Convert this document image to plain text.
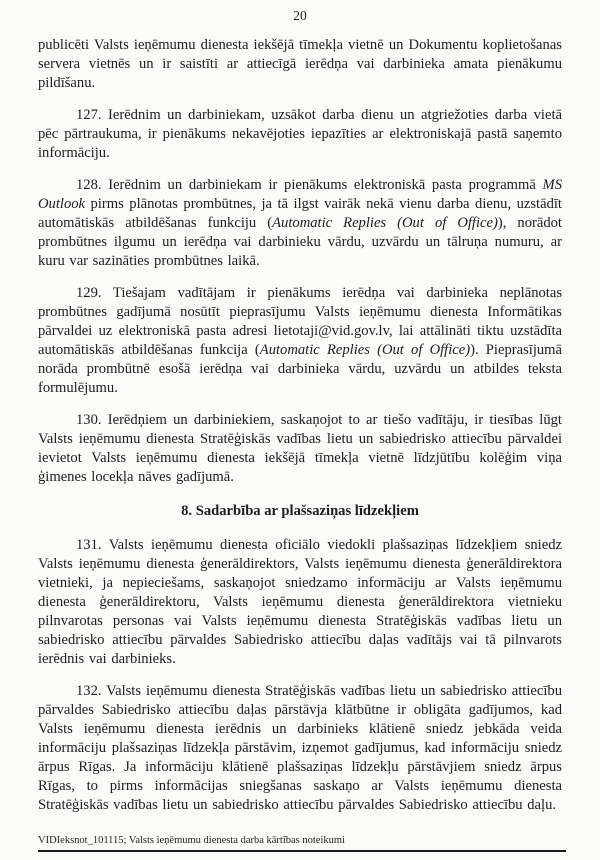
20

publicēti Valsts ieņēmumu dienesta iekšējā tīmekļa vietnē un Dokumentu koplietošanas servera vietnēs un ir saistīti ar attiecīgā ierēdņa vai darbinieka amata pienākumu pildīšanu.

127. Ierēdnim un darbiniekam, uzsākot darba dienu un atgriežoties darba vietā pēc pārtraukuma, ir pienākums nekavējoties iepazīties ar elektroniskajā pastā saņemto informāciju.

128. Ierēdnim un darbiniekam ir pienākums elektroniskā pasta programmā MS Outlook pirms plānotas prombūtnes, ja tā ilgst vairāk nekā vienu darba dienu, uzstādīt automātiskās atbildēšanas funkciju (Automatic Replies (Out of Office)), norādot prombūtnes ilgumu un ierēdņa vai darbinieku vārdu, uzvārdu un tālruņa numuru, ar kuru var sazināties prombūtnes laikā.

129. Tiešajam vadītājam ir pienākums ierēdņa vai darbinieka neplānotas prombūtnes gadījumā nosūtīt pieprasījumu Valsts ieņēmumu dienesta Informātikas pārvaldei uz elektroniskā pasta adresi lietotaji@vid.gov.lv, lai attālināti tiktu uzstādīta automātiskās atbildēšanas funkcija (Automatic Replies (Out of Office)). Pieprasījumā norāda prombūtnē esošā ierēdņa vai darbinieka vārdu, uzvārdu un atbildes teksta formulējumu.

130. Ierēdņiem un darbiniekiem, saskaņojot to ar tiešo vadītāju, ir tiesības lūgt Valsts ieņēmumu dienesta Stratēģiskās vadības lietu un sabiedrisko attiecību pārvaldei ievietot Valsts ieņēmumu dienesta iekšējā tīmekļa vietnē līdzjūtību kolēģim viņa ģimenes locekļa nāves gadījumā.

8. Sadarbība ar plašsaziņas līdzekļiem

131. Valsts ieņēmumu dienesta oficiālo viedokli plašsaziņas līdzekļiem sniedz Valsts ieņēmumu dienesta ģenerāldirektors, Valsts ieņēmumu dienesta ģenerāldirektora vietnieki, ja nepieciešams, saskaņojot sniedzamo informāciju ar Valsts ieņēmumu dienesta ģenerāldirektoru, Valsts ieņēmumu dienesta ģenerāldirektora vietnieku pilnvarotas personas vai Valsts ieņēmumu dienesta Stratēģiskās vadības lietu un sabiedrisko attiecību pārvaldes Sabiedrisko attiecību daļas vadītājs vai tā pilnvarots ierēdnis vai darbinieks.

132. Valsts ieņēmumu dienesta Stratēģiskās vadības lietu un sabiedrisko attiecību pārvaldes Sabiedrisko attiecību daļas pārstāvja klātbūtne ir obligāta gadījumos, kad Valsts ieņēmumu dienesta ierēdnis un darbinieks klātienē sniedz jebkāda veida informāciju plašsaziņas līdzekļa pārstāvim, izņemot gadījumus, kad informāciju sniedz ārpus Rīgas. Ja informāciju klātienē plašsaziņas līdzekļu pārstāvjiem sniedz ārpus Rīgas, to pirms informācijas sniegšanas saskaņo ar Valsts ieņēmumu dienesta Stratēģiskās vadības lietu un sabiedrisko attiecību pārvaldes Sabiedrisko attiecību daļu.

VIDIeksnot_101115; Valsts ieņēmumu dienesta darba kārtības noteikumi
